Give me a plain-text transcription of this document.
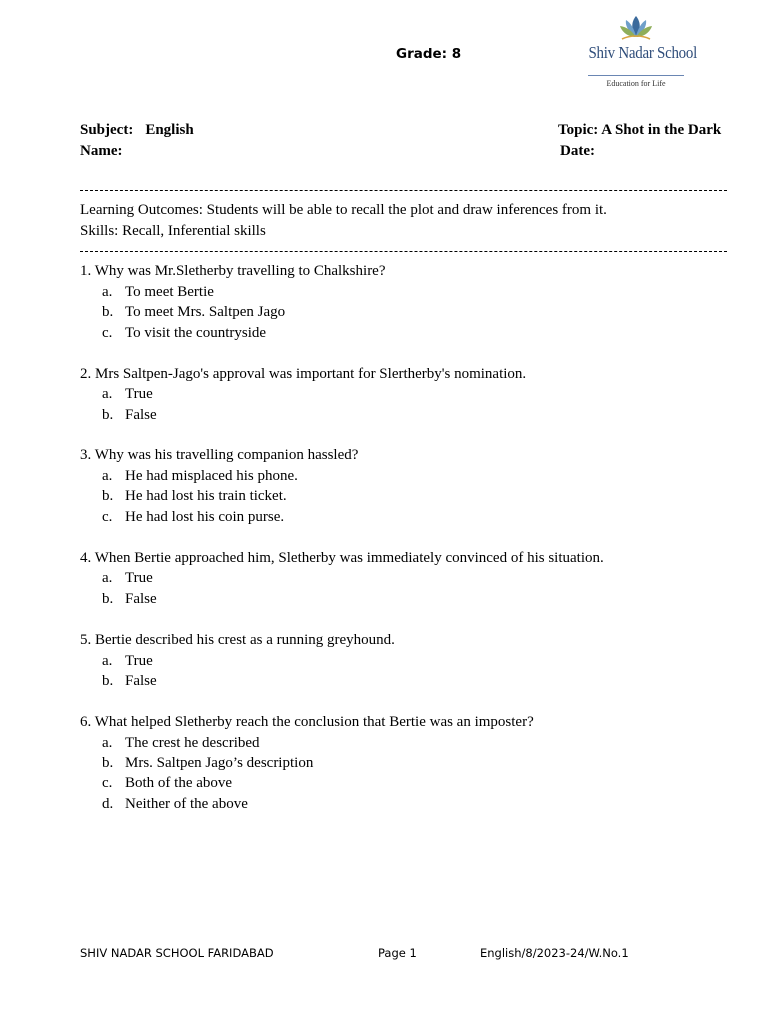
Grade: 8	Shiv Nadar School
Education for Life
Subject: English
Name:
Topic: A Shot in the Dark
Date:
Learning Outcomes: Students will be able to recall the plot and draw inferences from it.
Skills: Recall, Inferential skills
1. Why was Mr.Sletherby travelling to Chalkshire?
a. To meet Bertie
b. To meet Mrs. Saltpen Jago
c. To visit the countryside
2. Mrs Saltpen-Jago's approval was important for Slertherby's nomination.
a. True
b. False
3. Why was his travelling companion hassled?
a. He had misplaced his phone.
b. He had lost his train ticket.
c. He had lost his coin purse.
4. When Bertie approached him, Sletherby was immediately convinced of his situation.
a. True
b. False
5. Bertie described his crest as a running greyhound.
a. True
b. False
6. What helped Sletherby reach the conclusion that Bertie was an imposter?
a. The crest he described
b. Mrs. Saltpen Jago’s description
c. Both of the above
d. Neither of the above
SHIV NADAR SCHOOL FARIDABAD	Page 1	English/8/2023-24/W.No.1
